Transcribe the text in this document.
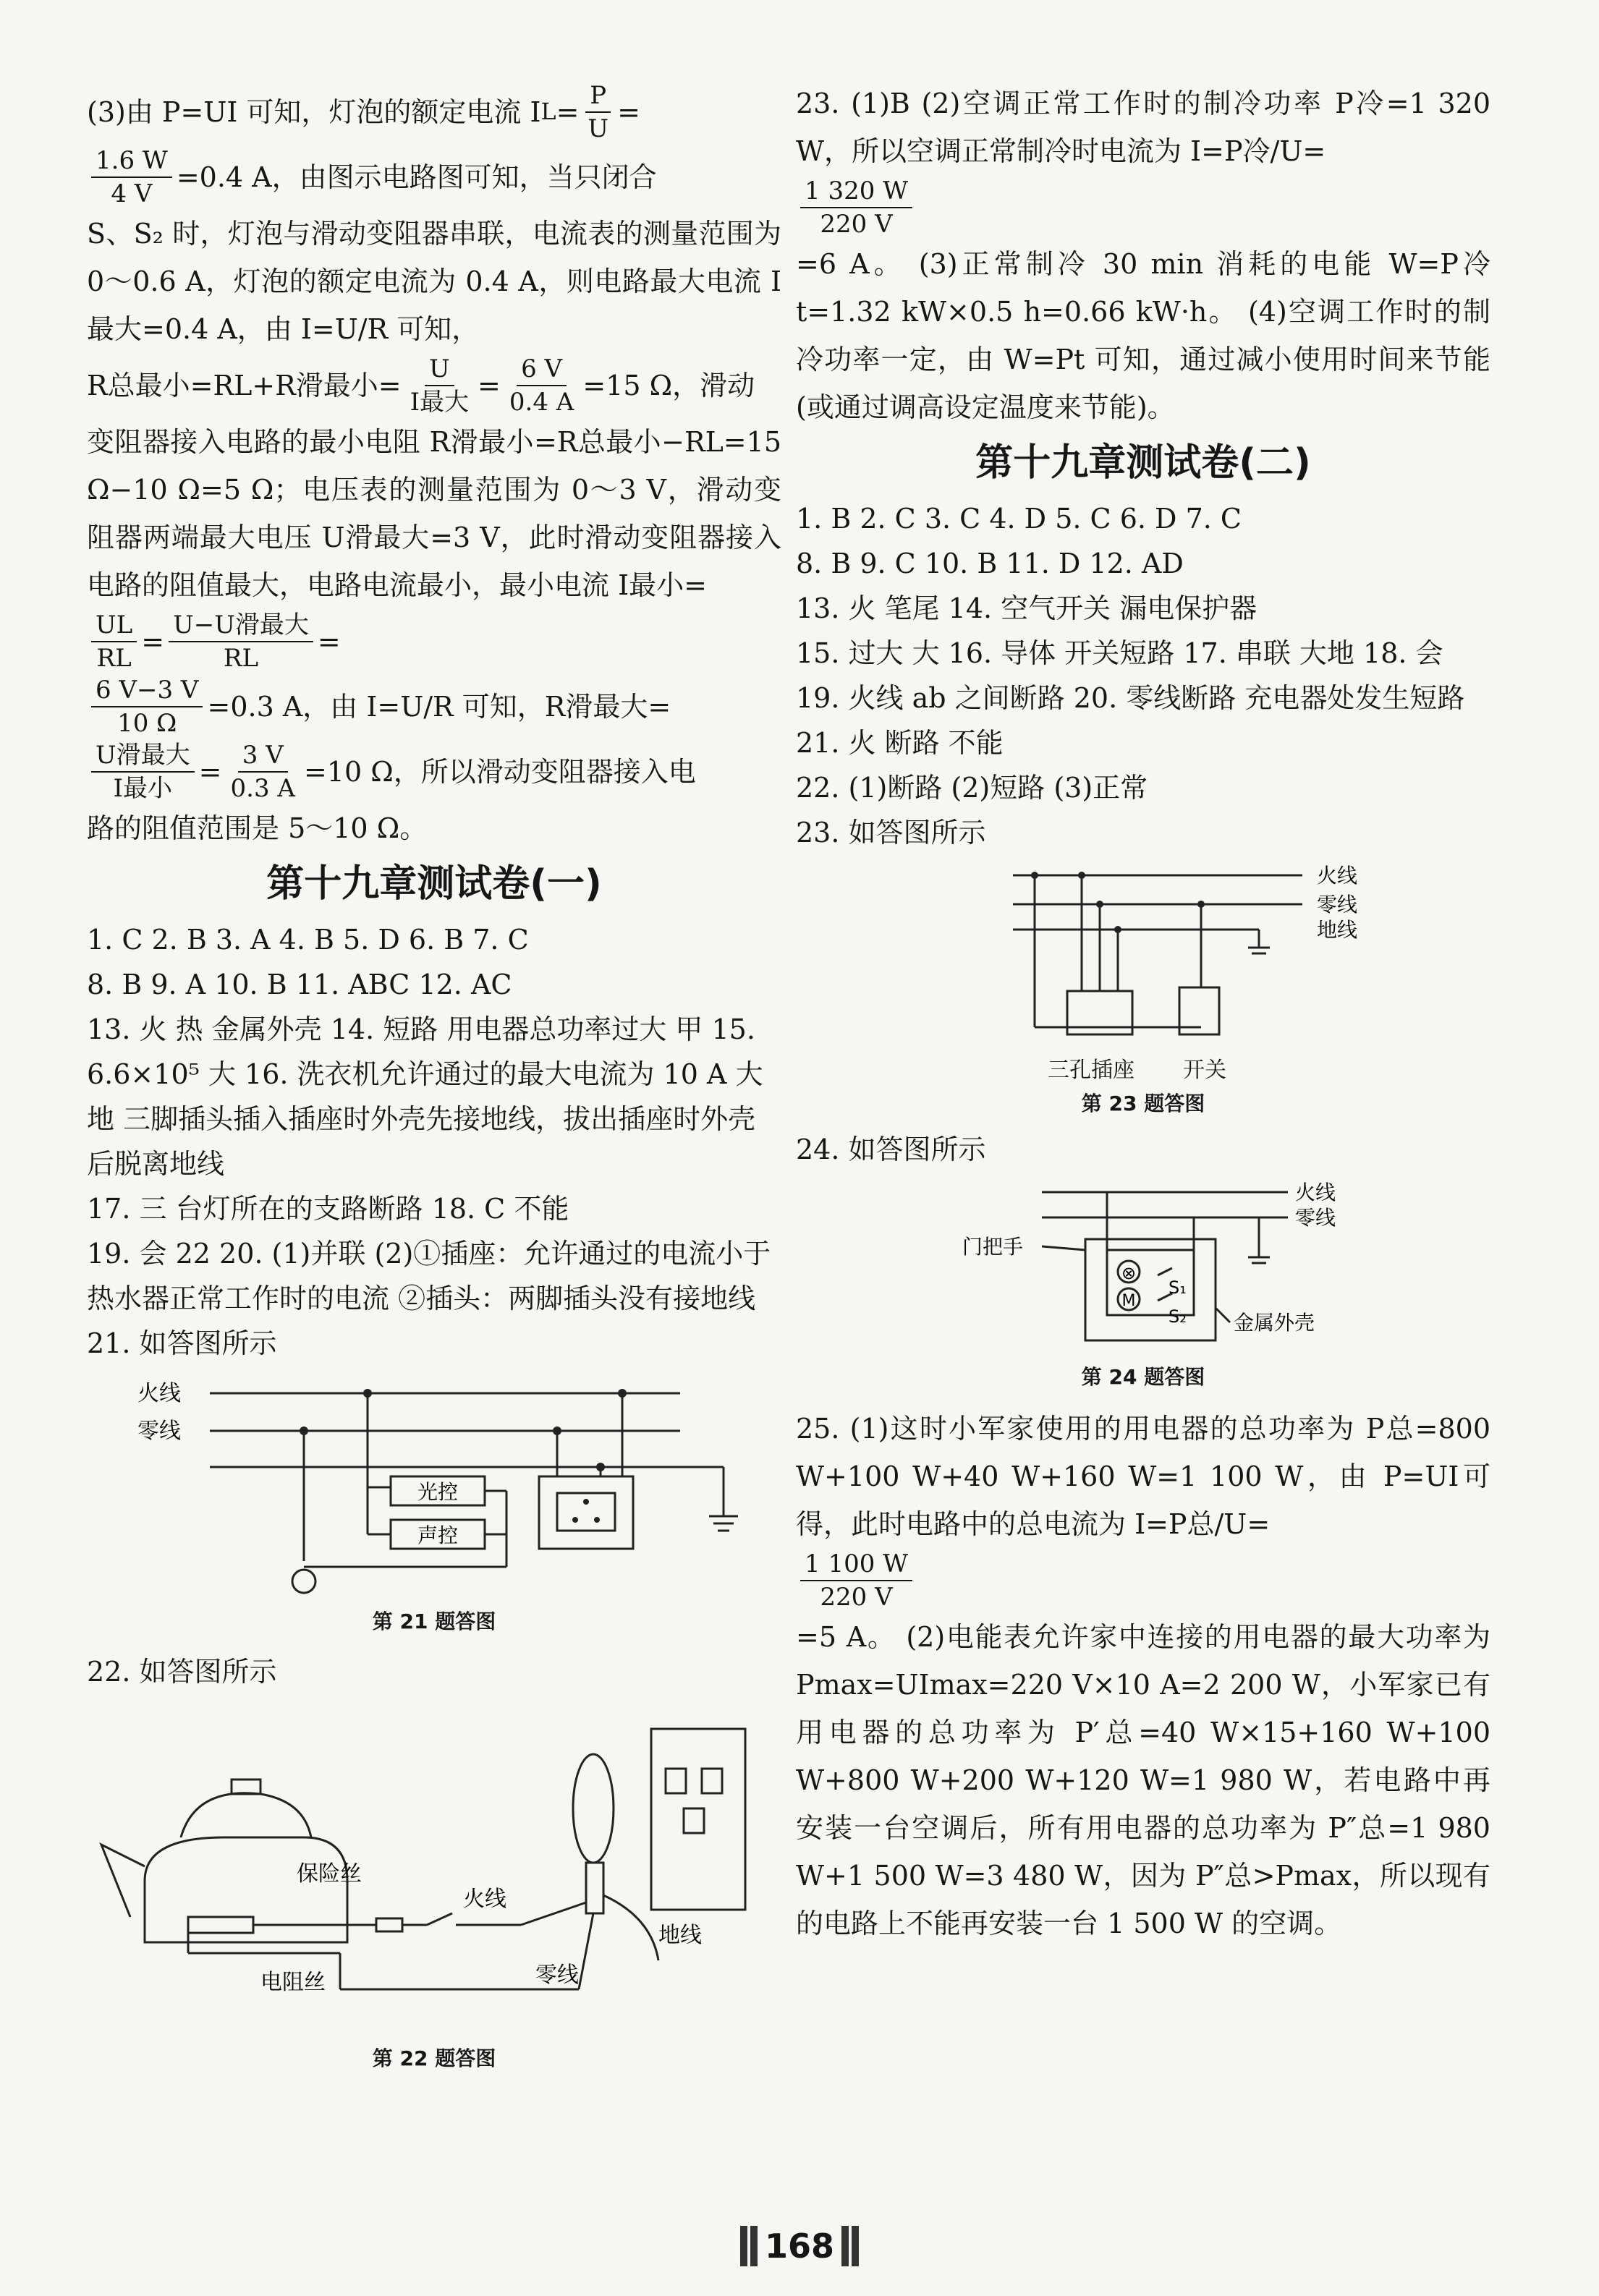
(3)由 P=UI 可知，灯泡的额定电流 I $L = \frac{P}{U}$ =
$\frac{1.6 W}{4 V} =0.4$ A，由图示电路图可知，当只闭合

S、S₂ 时，灯泡与滑动变阻器串联，电流表的测量范围为 0～0.6 A，灯泡的额定电流为 0.4 A，则电路最大电流 I最大=0.4 A，由 I=U/R 可知，

R总最小=RL+R滑最小= $\frac{U}{\text{I最大}} = \frac{6 V}{0.4 A} =15$ Ω，滑动

变阻器接入电路的最小电阻 R滑最小=R总最小−RL=15 Ω−10 Ω=5 Ω；电压表的测量范围为 0～3 V，滑动变阻器两端最大电压 U滑最大=3 V，此时滑动变阻器接入电路的阻值最大，电路电流最小，最小电流 I最小=

$\frac{UL}{RL} = \frac{\text{U−U滑最大}}{RL}$ =
$\frac{6 V-3 V}{10 \Omega} =0.3$ A，由 I=U/R 可知，R滑最大=
$\frac{\text{U滑最大}}{\text{I最小}} = \frac{3 V}{0.3 A} =10$ Ω，所以滑动变阻器接入电

路的阻值范围是 5～10 Ω。

第十九章测试卷(一)

1. C 2. B 3. A 4. B 5. D 6. B 7. C

8. B 9. A 10. B 11. ABC 12. AC

13. 火 热 金属外壳 14. 短路 用电器总功率过大 甲 15. 6.6×10⁵ 大 16. 洗衣机允许通过的最大电流为 10 A 大地 三脚插头插入插座时外壳先接地线，拔出插座时外壳后脱离地线

17. 三 台灯所在的支路断路 18. C 不能

19. 会 22 20. (1)并联 (2)①插座：允许通过的电流小于热水器正常工作时的电流 ②插头：两脚插头没有接地线

21. 如答图所示

火线
零线
光控
声控
第 21 题答图

22. 如答图所示

保险丝
火线
地线
零线
电阻丝
第 22 题答图

23. (1)B (2)空调正常工作时的制冷功率 P冷=1 320 W，所以空调正常制冷时电流为 I=P冷/U=

$\frac{1 320 W}{220 V}$

=6 A。 (3)正常制冷 30 min 消耗的电能 W=P冷 t=1.32 kW×0.5 h=0.66 kW·h。 (4)空调工作时的制冷功率一定，由 W=Pt 可知，通过减小使用时间来节能(或通过调高设定温度来节能)。

第十九章测试卷(二)

1. B 2. C 3. C 4. D 5. C 6. D 7. C

8. B 9. C 10. B 11. D 12. AD

13. 火 笔尾 14. 空气开关 漏电保护器

15. 过大 大 16. 导体 开关短路 17. 串联 大地 18. 会 19. 火线 ab 之间断路 20. 零线断路 充电器处发生短路 21. 火 断路 不能

22. (1)断路 (2)短路 (3)正常

23. 如答图所示

火线
零线
地线
三孔插座 开关
第 23 题答图

24. 如答图所示

⊗
M
S₁
S₂
火线
零线
门把手
金属外壳
第 24 题答图

25. (1)这时小军家使用的用电器的总功率为 P总=800 W+100 W+40 W+160 W=1 100 W，由 P=UI可得，此时电路中的总电流为 I=P总/U=

$\frac{1 100 W}{220 V}$

=5 A。 (2)电能表允许家中连接的用电器的最大功率为 Pmax=UImax=220 V×10 A=2 200 W，小军家已有用电器的总功率为 P′总=40 W×15+160 W+100 W+800 W+200 W+120 W=1 980 W，若电路中再安装一台空调后，所有用电器的总功率为 P″总=1 980 W+1 500 W=3 480 W，因为 P″总>Pmax，所以现有的电路上不能再安装一台 1 500 W 的空调。

168
